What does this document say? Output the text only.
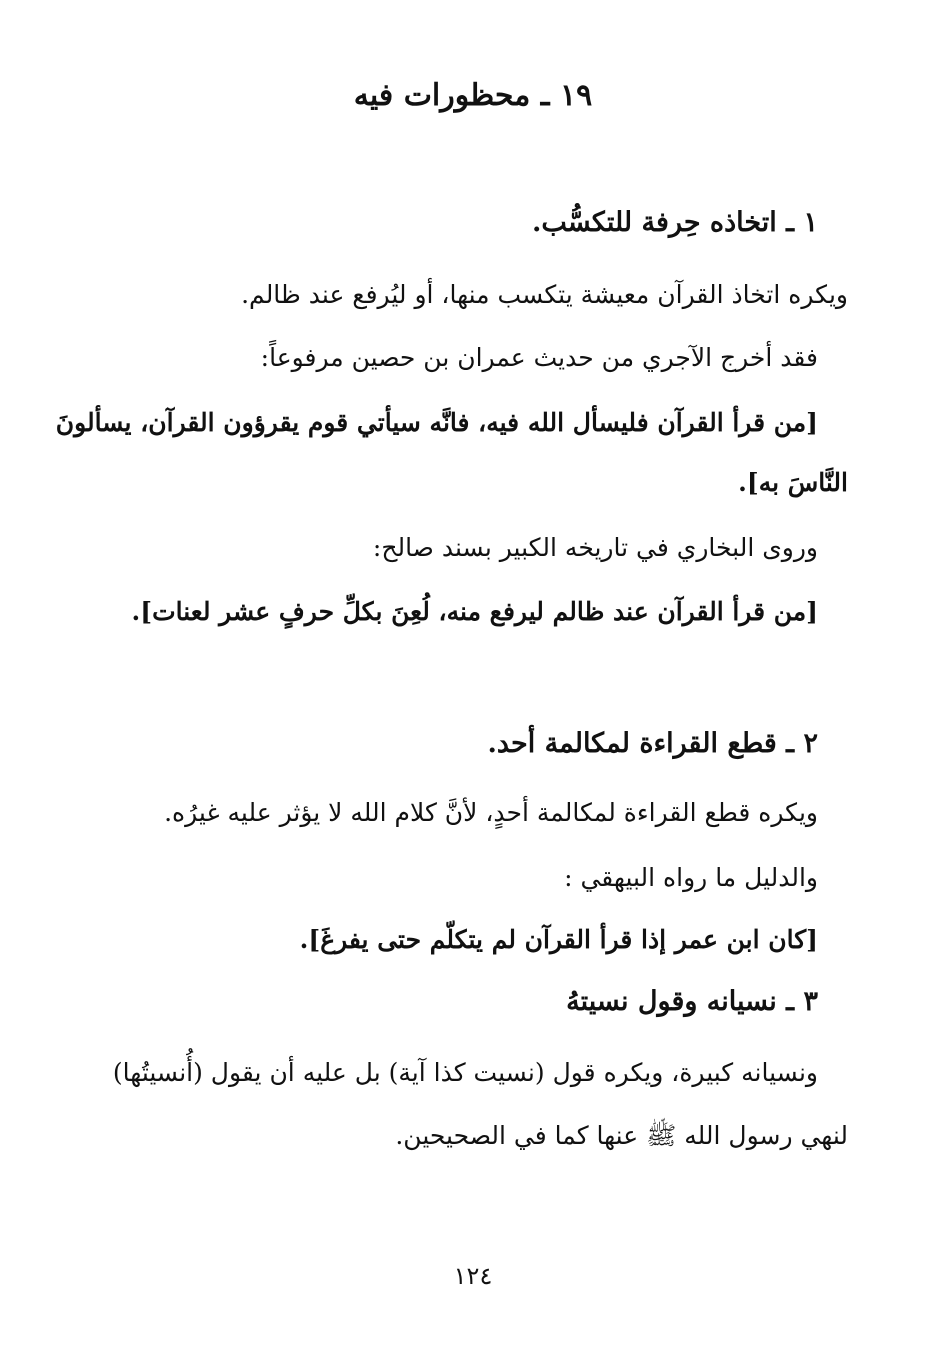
١٩ ـ محظورات فيه
١ ـ اتخاذه حِرفة للتكسُّب.
ويكره اتخاذ القرآن معيشة يتكسب منها، أو ليُرفع عند ظالم.
فقد أخرج الآجري من حديث عمران بن حصين مرفوعاً:
[من قرأ القرآن فليسأل الله فيه، فانَّه سيأتي قوم يقرؤون القرآن، يسألونَ
النَّاسَ به].
وروى البخاري في تاريخه الكبير بسند صالح:
[من قرأ القرآن عند ظالم ليرفع منه، لُعِنَ بكلِّ حرفٍ عشر لعنات].
٢ ـ قطع القراءة لمكالمة أحد.
ويكره قطع القراءة لمكالمة أحدٍ، لأنَّ كلام الله لا يؤثر عليه غيرُه.
والدليل ما رواه البيهقي :
[كان ابن عمر إذا قرأ القرآن لم يتكلّم حتى يفرغَ].
٣ ـ نسيانه وقول نسيتهُ
ونسيانه كبيرة، ويكره قول (نسيت كذا آية) بل عليه أن يقول (أُنسيتُها)
لنهي رسول الله ﷺ عنها كما في الصحيحين.
١٢٤
